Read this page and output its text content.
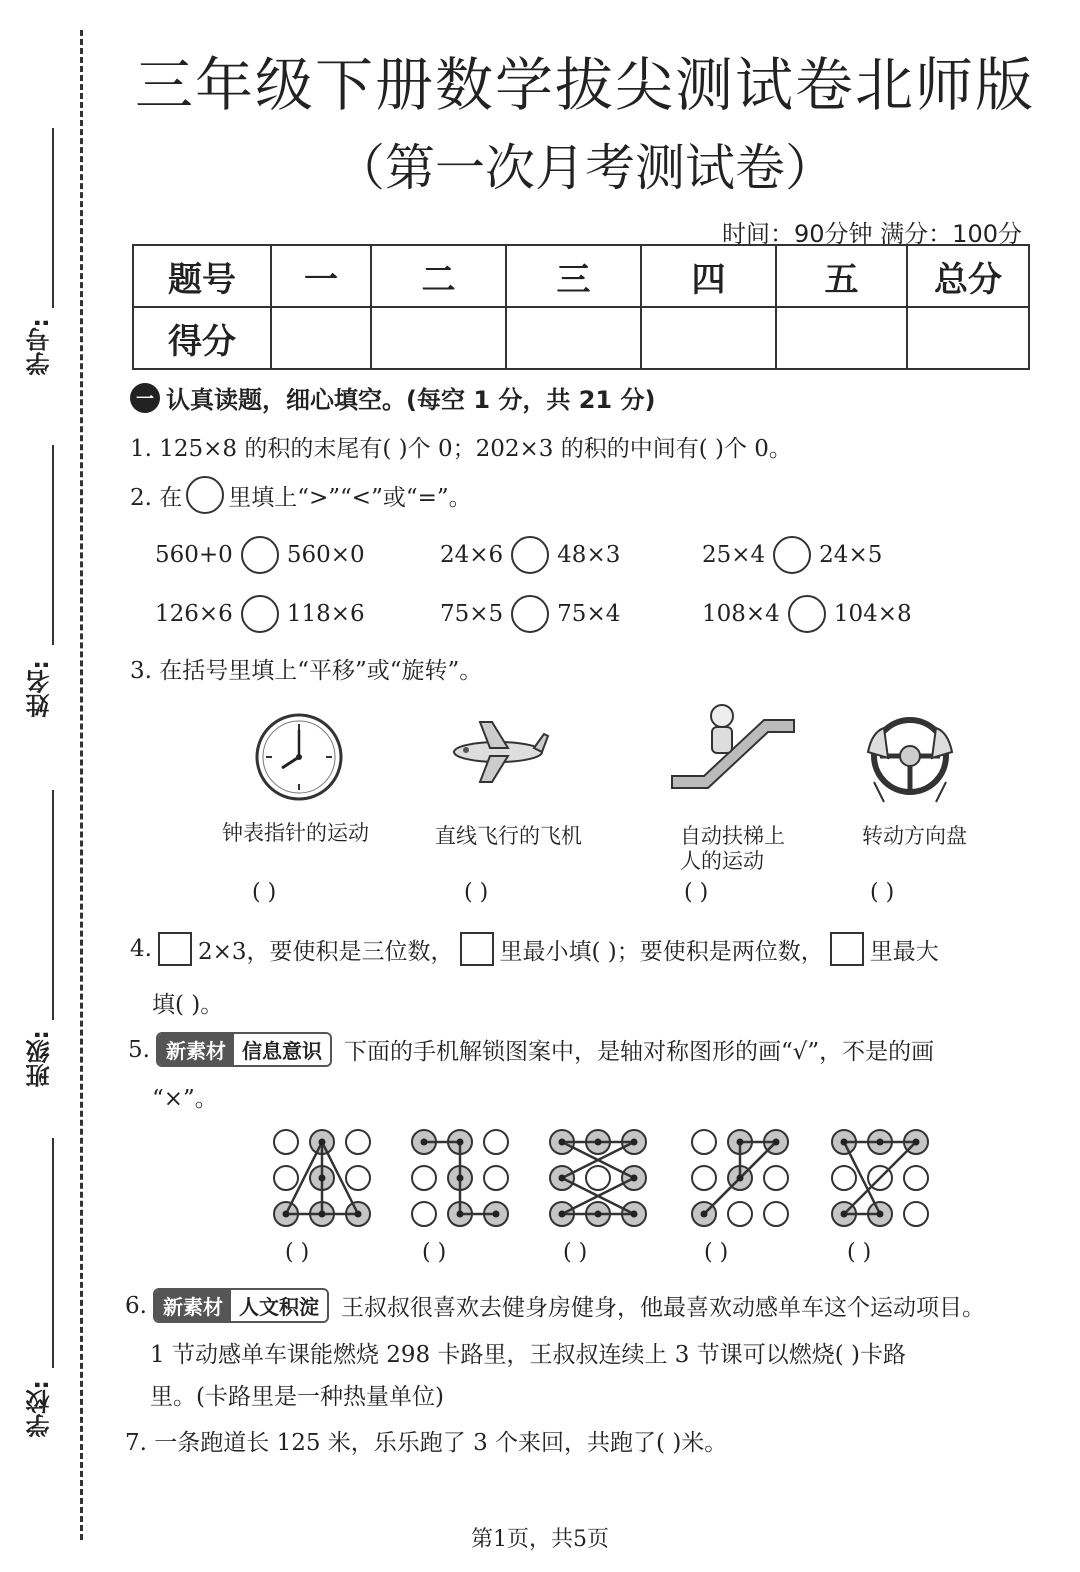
学号:
姓名:
班级:
学校:
三年级下册数学拔尖测试卷北师版
（第一次月考测试卷）
时间：90分钟 满分：100分
题号	一	二	三	四	五	总分
得分						
一 认真读题，细心填空。(每空 1 分，共 21 分)
1. 125×8 的积的末尾有( )个 0；202×3 的积的中间有( )个 0。
2. 在 里填上“>”“<”或“=”。
560+0 560×0	24×6 48×3	25×4 24×5
126×6 118×6	75×5 75×4	108×4 104×8
3. 在括号里填上“平移”或“旋转”。
钟表指针的运动	直线飞行的飞机	自动扶梯上
人的运动
转动方向盘
( )	( )	( )	( )
4. 2×3，要使积是三位数， 里最小填( )；要使积是两位数， 里最大
填( )。
5. 新素材 信息意识 下面的手机解锁图案中，是轴对称图形的画“√”，不是的画
“×”。
( )	( )	( )	( )	( )
6. 新素材 人文积淀 王叔叔很喜欢去健身房健身，他最喜欢动感单车这个运动项目。
1 节动感单车课能燃烧 298 卡路里，王叔叔连续上 3 节课可以燃烧( )卡路
里。(卡路里是一种热量单位)
7. 一条跑道长 125 米，乐乐跑了 3 个来回，共跑了( )米。
第1页，共5页
